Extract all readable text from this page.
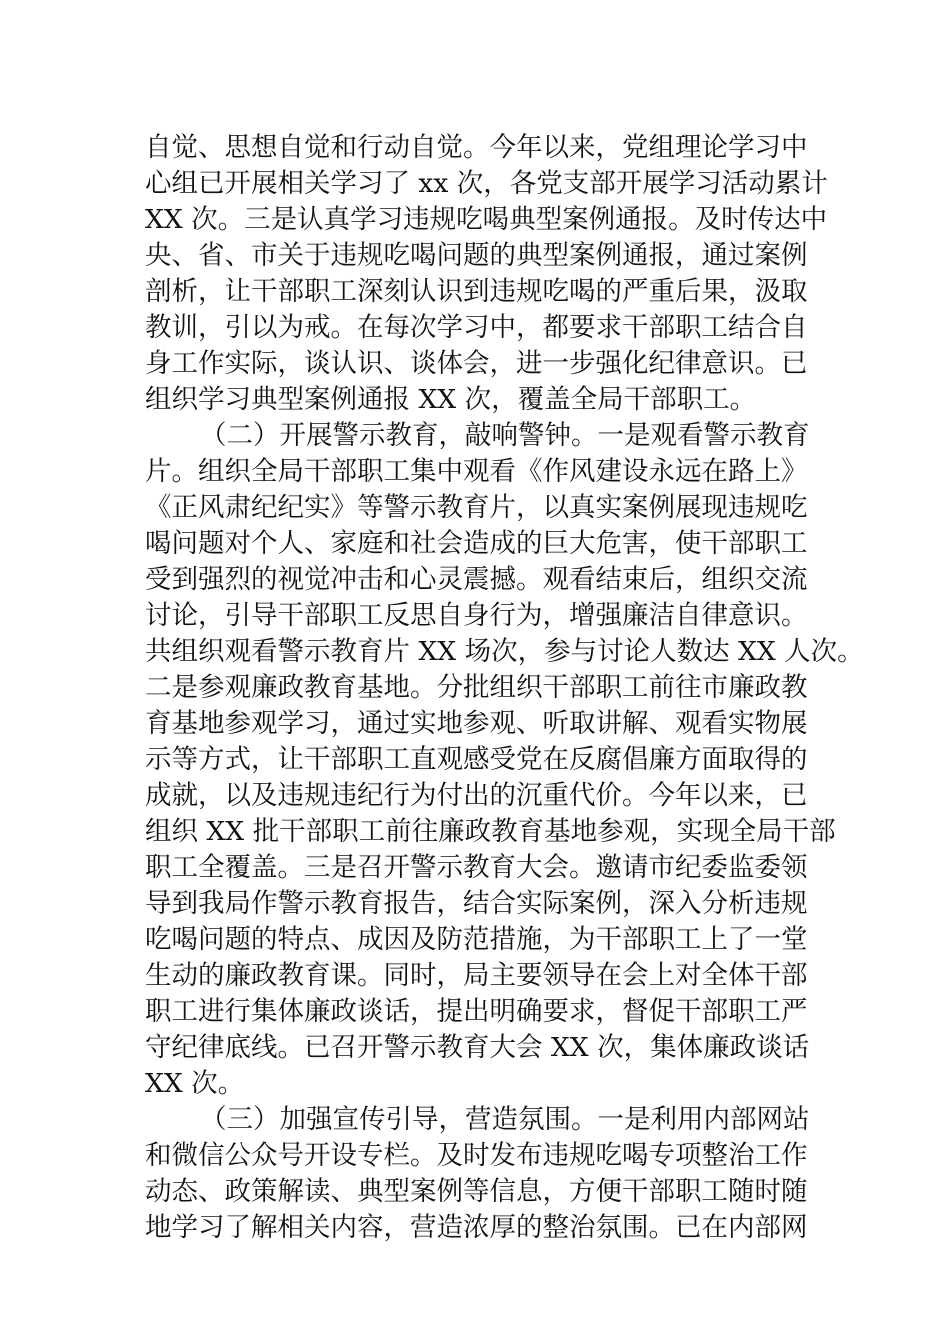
自觉、思想自觉和行动自觉。今年以来，党组理论学习中
心组已开展相关学习了 xx 次，各党支部开展学习活动累计
XX 次。三是认真学习违规吃喝典型案例通报。及时传达中
央、省、市关于违规吃喝问题的典型案例通报，通过案例
剖析，让干部职工深刻认识到违规吃喝的严重后果，汲取
教训，引以为戒。在每次学习中，都要求干部职工结合自
身工作实际，谈认识、谈体会，进一步强化纪律意识。已
组织学习典型案例通报 XX 次，覆盖全局干部职工。
（二）开展警示教育，敲响警钟。一是观看警示教育
片。组织全局干部职工集中观看《作风建设永远在路上》
《正风肃纪纪实》等警示教育片，以真实案例展现违规吃
喝问题对个人、家庭和社会造成的巨大危害，使干部职工
受到强烈的视觉冲击和心灵震撼。观看结束后，组织交流
讨论，引导干部职工反思自身行为，增强廉洁自律意识。
共组织观看警示教育片 XX 场次，参与讨论人数达 XX 人次。
二是参观廉政教育基地。分批组织干部职工前往市廉政教
育基地参观学习，通过实地参观、听取讲解、观看实物展
示等方式，让干部职工直观感受党在反腐倡廉方面取得的
成就，以及违规违纪行为付出的沉重代价。今年以来，已
组织 XX 批干部职工前往廉政教育基地参观，实现全局干部
职工全覆盖。三是召开警示教育大会。邀请市纪委监委领
导到我局作警示教育报告，结合实际案例，深入分析违规
吃喝问题的特点、成因及防范措施，为干部职工上了一堂
生动的廉政教育课。同时，局主要领导在会上对全体干部
职工进行集体廉政谈话，提出明确要求，督促干部职工严
守纪律底线。已召开警示教育大会 XX 次，集体廉政谈话
XX 次。
（三）加强宣传引导，营造氛围。一是利用内部网站
和微信公众号开设专栏。及时发布违规吃喝专项整治工作
动态、政策解读、典型案例等信息，方便干部职工随时随
地学习了解相关内容，营造浓厚的整治氛围。已在内部网
